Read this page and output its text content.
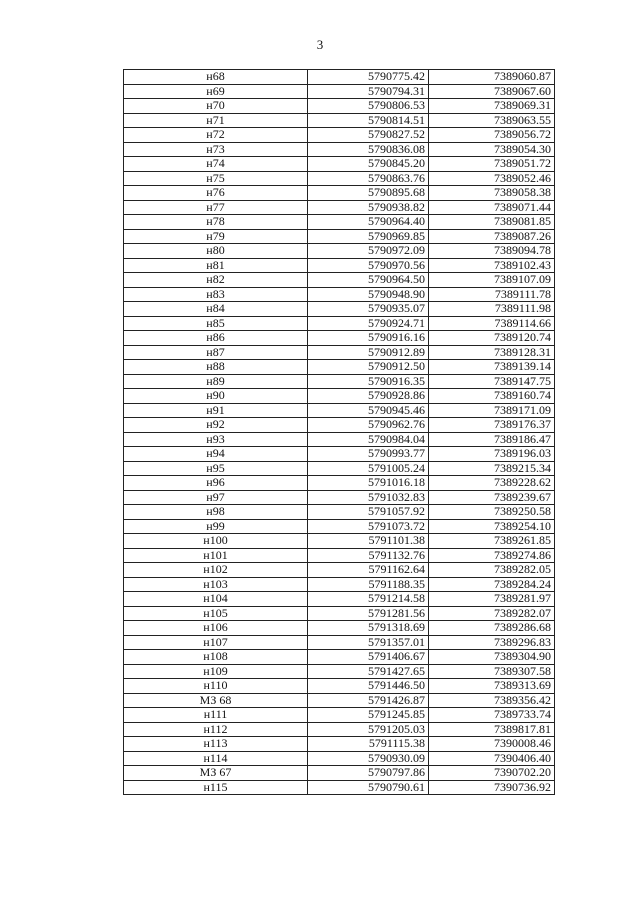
3
н68	5790775.42	7389060.87
н69	5790794.31	7389067.60
н70	5790806.53	7389069.31
н71	5790814.51	7389063.55
н72	5790827.52	7389056.72
н73	5790836.08	7389054.30
н74	5790845.20	7389051.72
н75	5790863.76	7389052.46
н76	5790895.68	7389058.38
н77	5790938.82	7389071.44
н78	5790964.40	7389081.85
н79	5790969.85	7389087.26
н80	5790972.09	7389094.78
н81	5790970.56	7389102.43
н82	5790964.50	7389107.09
н83	5790948.90	7389111.78
н84	5790935.07	7389111.98
н85	5790924.71	7389114.66
н86	5790916.16	7389120.74
н87	5790912.89	7389128.31
н88	5790912.50	7389139.14
н89	5790916.35	7389147.75
н90	5790928.86	7389160.74
н91	5790945.46	7389171.09
н92	5790962.76	7389176.37
н93	5790984.04	7389186.47
н94	5790993.77	7389196.03
н95	5791005.24	7389215.34
н96	5791016.18	7389228.62
н97	5791032.83	7389239.67
н98	5791057.92	7389250.58
н99	5791073.72	7389254.10
н100	5791101.38	7389261.85
н101	5791132.76	7389274.86
н102	5791162.64	7389282.05
н103	5791188.35	7389284.24
н104	5791214.58	7389281.97
н105	5791281.56	7389282.07
н106	5791318.69	7389286.68
н107	5791357.01	7389296.83
н108	5791406.67	7389304.90
н109	5791427.65	7389307.58
н110	5791446.50	7389313.69
МЗ 68	5791426.87	7389356.42
н111	5791245.85	7389733.74
н112	5791205.03	7389817.81
н113	5791115.38	7390008.46
н114	5790930.09	7390406.40
МЗ 67	5790797.86	7390702.20
н115	5790790.61	7390736.92
